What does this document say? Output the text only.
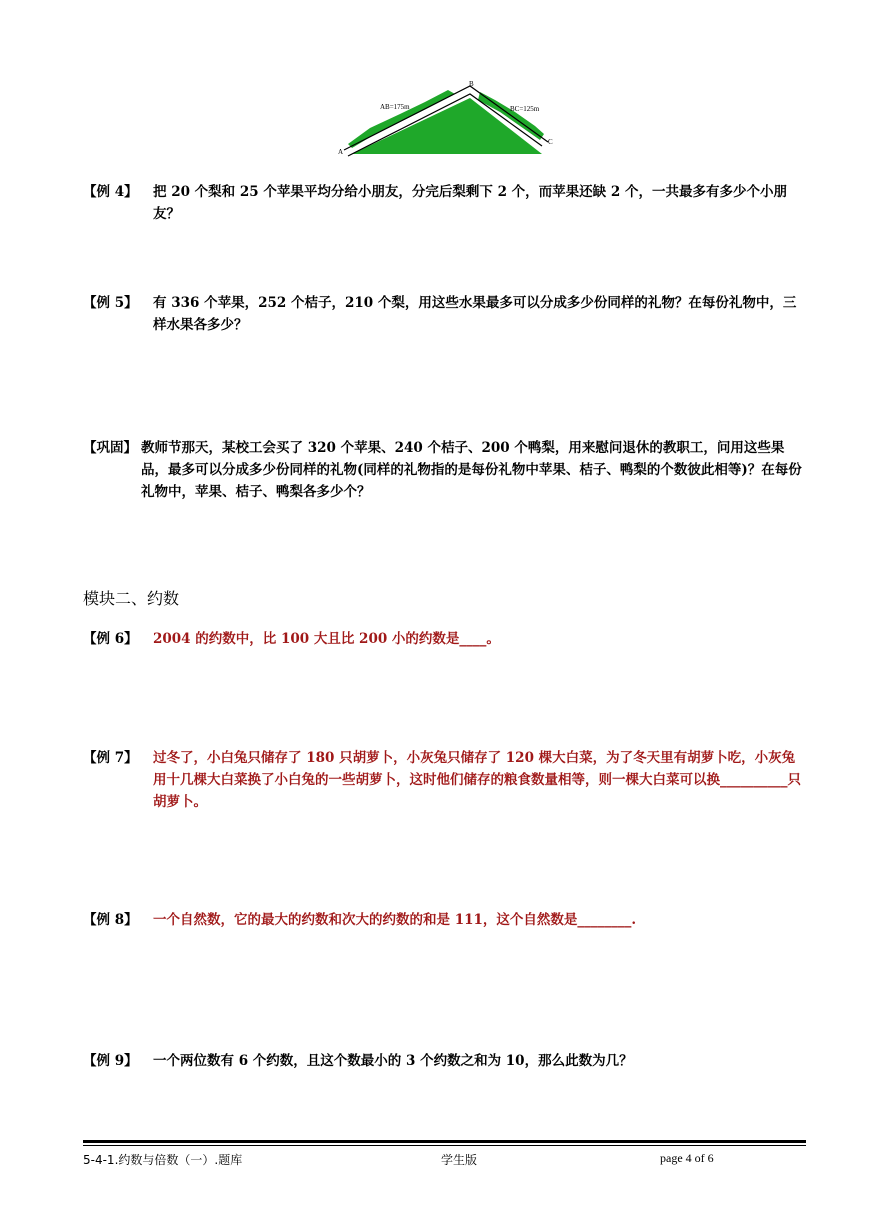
B
A
C
AB=175m	BC=125m
【例 4】 把 20 个梨和 25 个苹果平均分给小朋友，分完后梨剩下 2 个，而苹果还缺 2 个，一共最多有多少个小朋友？
【例 5】 有 336 个苹果，252 个桔子，210 个梨，用这些水果最多可以分成多少份同样的礼物？在每份礼物中，三样水果各多少？
【巩固】 教师节那天，某校工会买了 320 个苹果、240 个桔子、200 个鸭梨，用来慰问退休的教职工，问用这些果品，最多可以分成多少份同样的礼物(同样的礼物指的是每份礼物中苹果、桔子、鸭梨的个数彼此相等)？在每份礼物中，苹果、桔子、鸭梨各多少个？
模块二、约数
【例 6】 2004 的约数中，比 100 大且比 200 小的约数是____。
【例 7】 过冬了，小白兔只储存了 180 只胡萝卜，小灰兔只储存了 120 棵大白菜，为了冬天里有胡萝卜吃，小灰兔用十几棵大白菜换了小白兔的一些胡萝卜，这时他们储存的粮食数量相等，则一棵大白菜可以换__________只胡萝卜。
【例 8】 一个自然数，它的最大的约数和次大的约数的和是 111，这个自然数是________.
【例 9】 一个两位数有 6 个约数，且这个数最小的 3 个约数之和为 10，那么此数为几？
5-4-1.约数与倍数（一）.题库	学生版	page 4 of 6
